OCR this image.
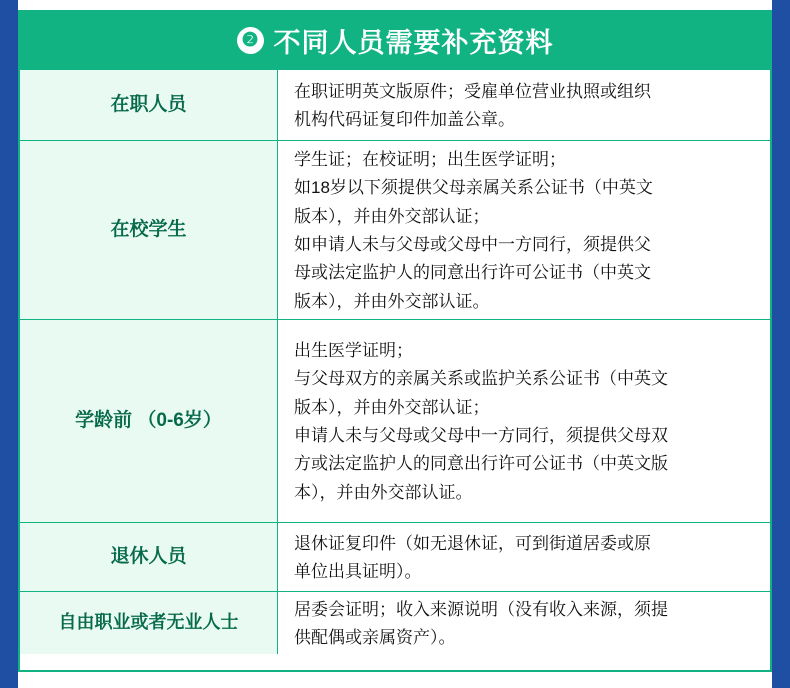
❷ 不同人员需要补充资料
在职人员

在职证明英文版原件；受雇单位营业执照或组织

机构代码证复印件加盖公章。

在校学生

学生证；在校证明；出生医学证明；

如18岁以下须提供父母亲属关系公证书（中英文

版本），并由外交部认证；

如申请人未与父母或父母中一方同行，须提供父

母或法定监护人的同意出行许可公证书（中英文

版本），并由外交部认证。

学龄前 （0-6岁）

出生医学证明；

与父母双方的亲属关系或监护关系公证书（中英文

版本），并由外交部认证；

申请人未与父母或父母中一方同行，须提供父母双

方或法定监护人的同意出行许可公证书（中英文版

本），并由外交部认证。

退休人员

退休证复印件（如无退休证，可到街道居委或原

单位出具证明）。

自由职业或者无业人士

居委会证明；收入来源说明（没有收入来源，须提

供配偶或亲属资产）。
